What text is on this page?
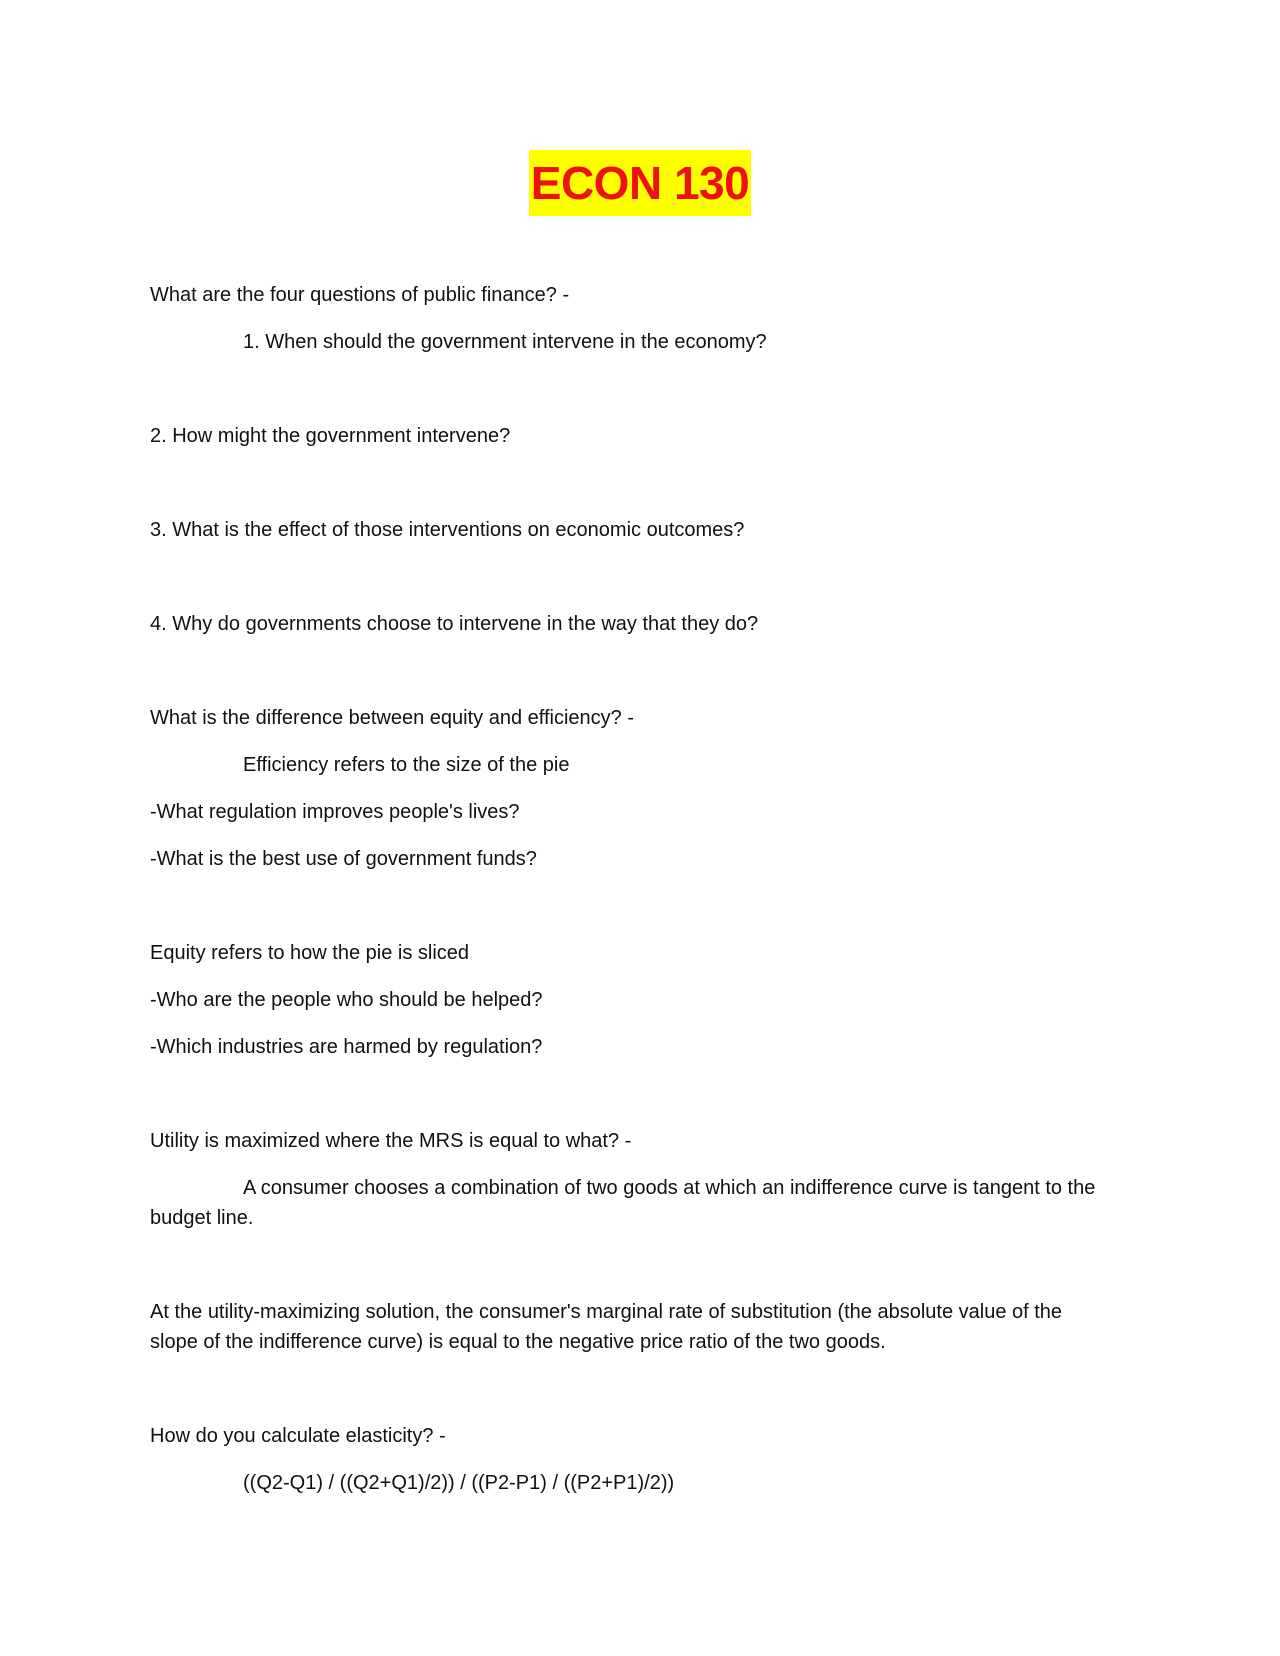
ECON 130

What are the four questions of public finance? -

1. When should the government intervene in the economy?

2. How might the government intervene?

3. What is the effect of those interventions on economic outcomes?

4. Why do governments choose to intervene in the way that they do?

What is the difference between equity and efficiency? -

Efficiency refers to the size of the pie

-What regulation improves people's lives?

-What is the best use of government funds?

Equity refers to how the pie is sliced

-Who are the people who should be helped?

-Which industries are harmed by regulation?

Utility is maximized where the MRS is equal to what? -

A consumer chooses a combination of two goods at which an indifference curve is tangent to the budget line.

At the utility-maximizing solution, the consumer's marginal rate of substitution (the absolute value of the slope of the indifference curve) is equal to the negative price ratio of the two goods.

How do you calculate elasticity? -

((Q2-Q1) / ((Q2+Q1)/2)) / ((P2-P1) / ((P2+P1)/2))
